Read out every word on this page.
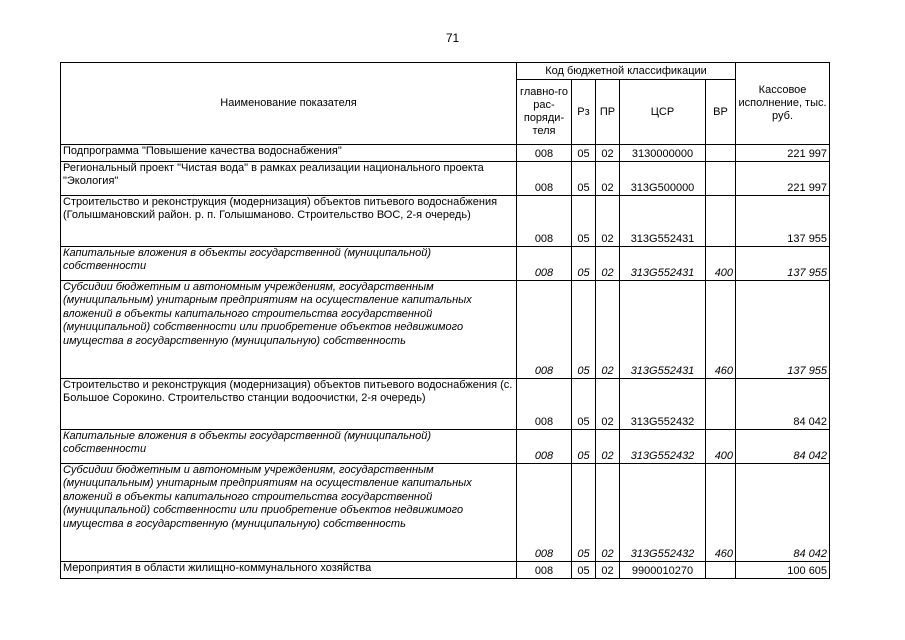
71
Наименование показателя	Код бюджетной классификации					Кассовое исполнение, тыс. руб.
	главно-го рас-поряди-теля	Рз	ПР	ЦСР	ВР	
Подпрограмма "Повышение качества водоснабжения"	008	05	02	3130000000		221 997
Региональный проект "Чистая вода" в рамках реализации национального проекта "Экология"	008	05	02	313G500000		221 997
Строительство и реконструкция (модернизация) объектов питьевого водоснабжения (Голышмановский район. р. п. Голышманово. Строительство ВОС, 2-я очередь)	008	05	02	313G552431		137 955
Капитальные вложения в объекты государственной (муниципальной) собственности	008	05	02	313G552431	400	137 955
Субсидии бюджетным и автономным учреждениям, государственным (муниципальным) унитарным предприятиям на осуществление капитальных вложений в объекты капитального строительства государственной (муниципальной) собственности или приобретение объектов недвижимого имущества в государственную (муниципальную) собственность	008	05	02	313G552431	460	137 955
Строительство и реконструкция (модернизация) объектов питьевого водоснабжения (с. Большое Сорокино. Строительство станции водоочистки, 2-я очередь)	008	05	02	313G552432		84 042
Капитальные вложения в объекты государственной (муниципальной) собственности	008	05	02	313G552432	400	84 042
Субсидии бюджетным и автономным учреждениям, государственным (муниципальным) унитарным предприятиям на осуществление капитальных вложений в объекты капитального строительства государственной (муниципальной) собственности или приобретение объектов недвижимого имущества в государственную (муниципальную) собственность	008	05	02	313G552432	460	84 042
Мероприятия в области жилищно-коммунального хозяйства	008	05	02	9900010270		100 605
